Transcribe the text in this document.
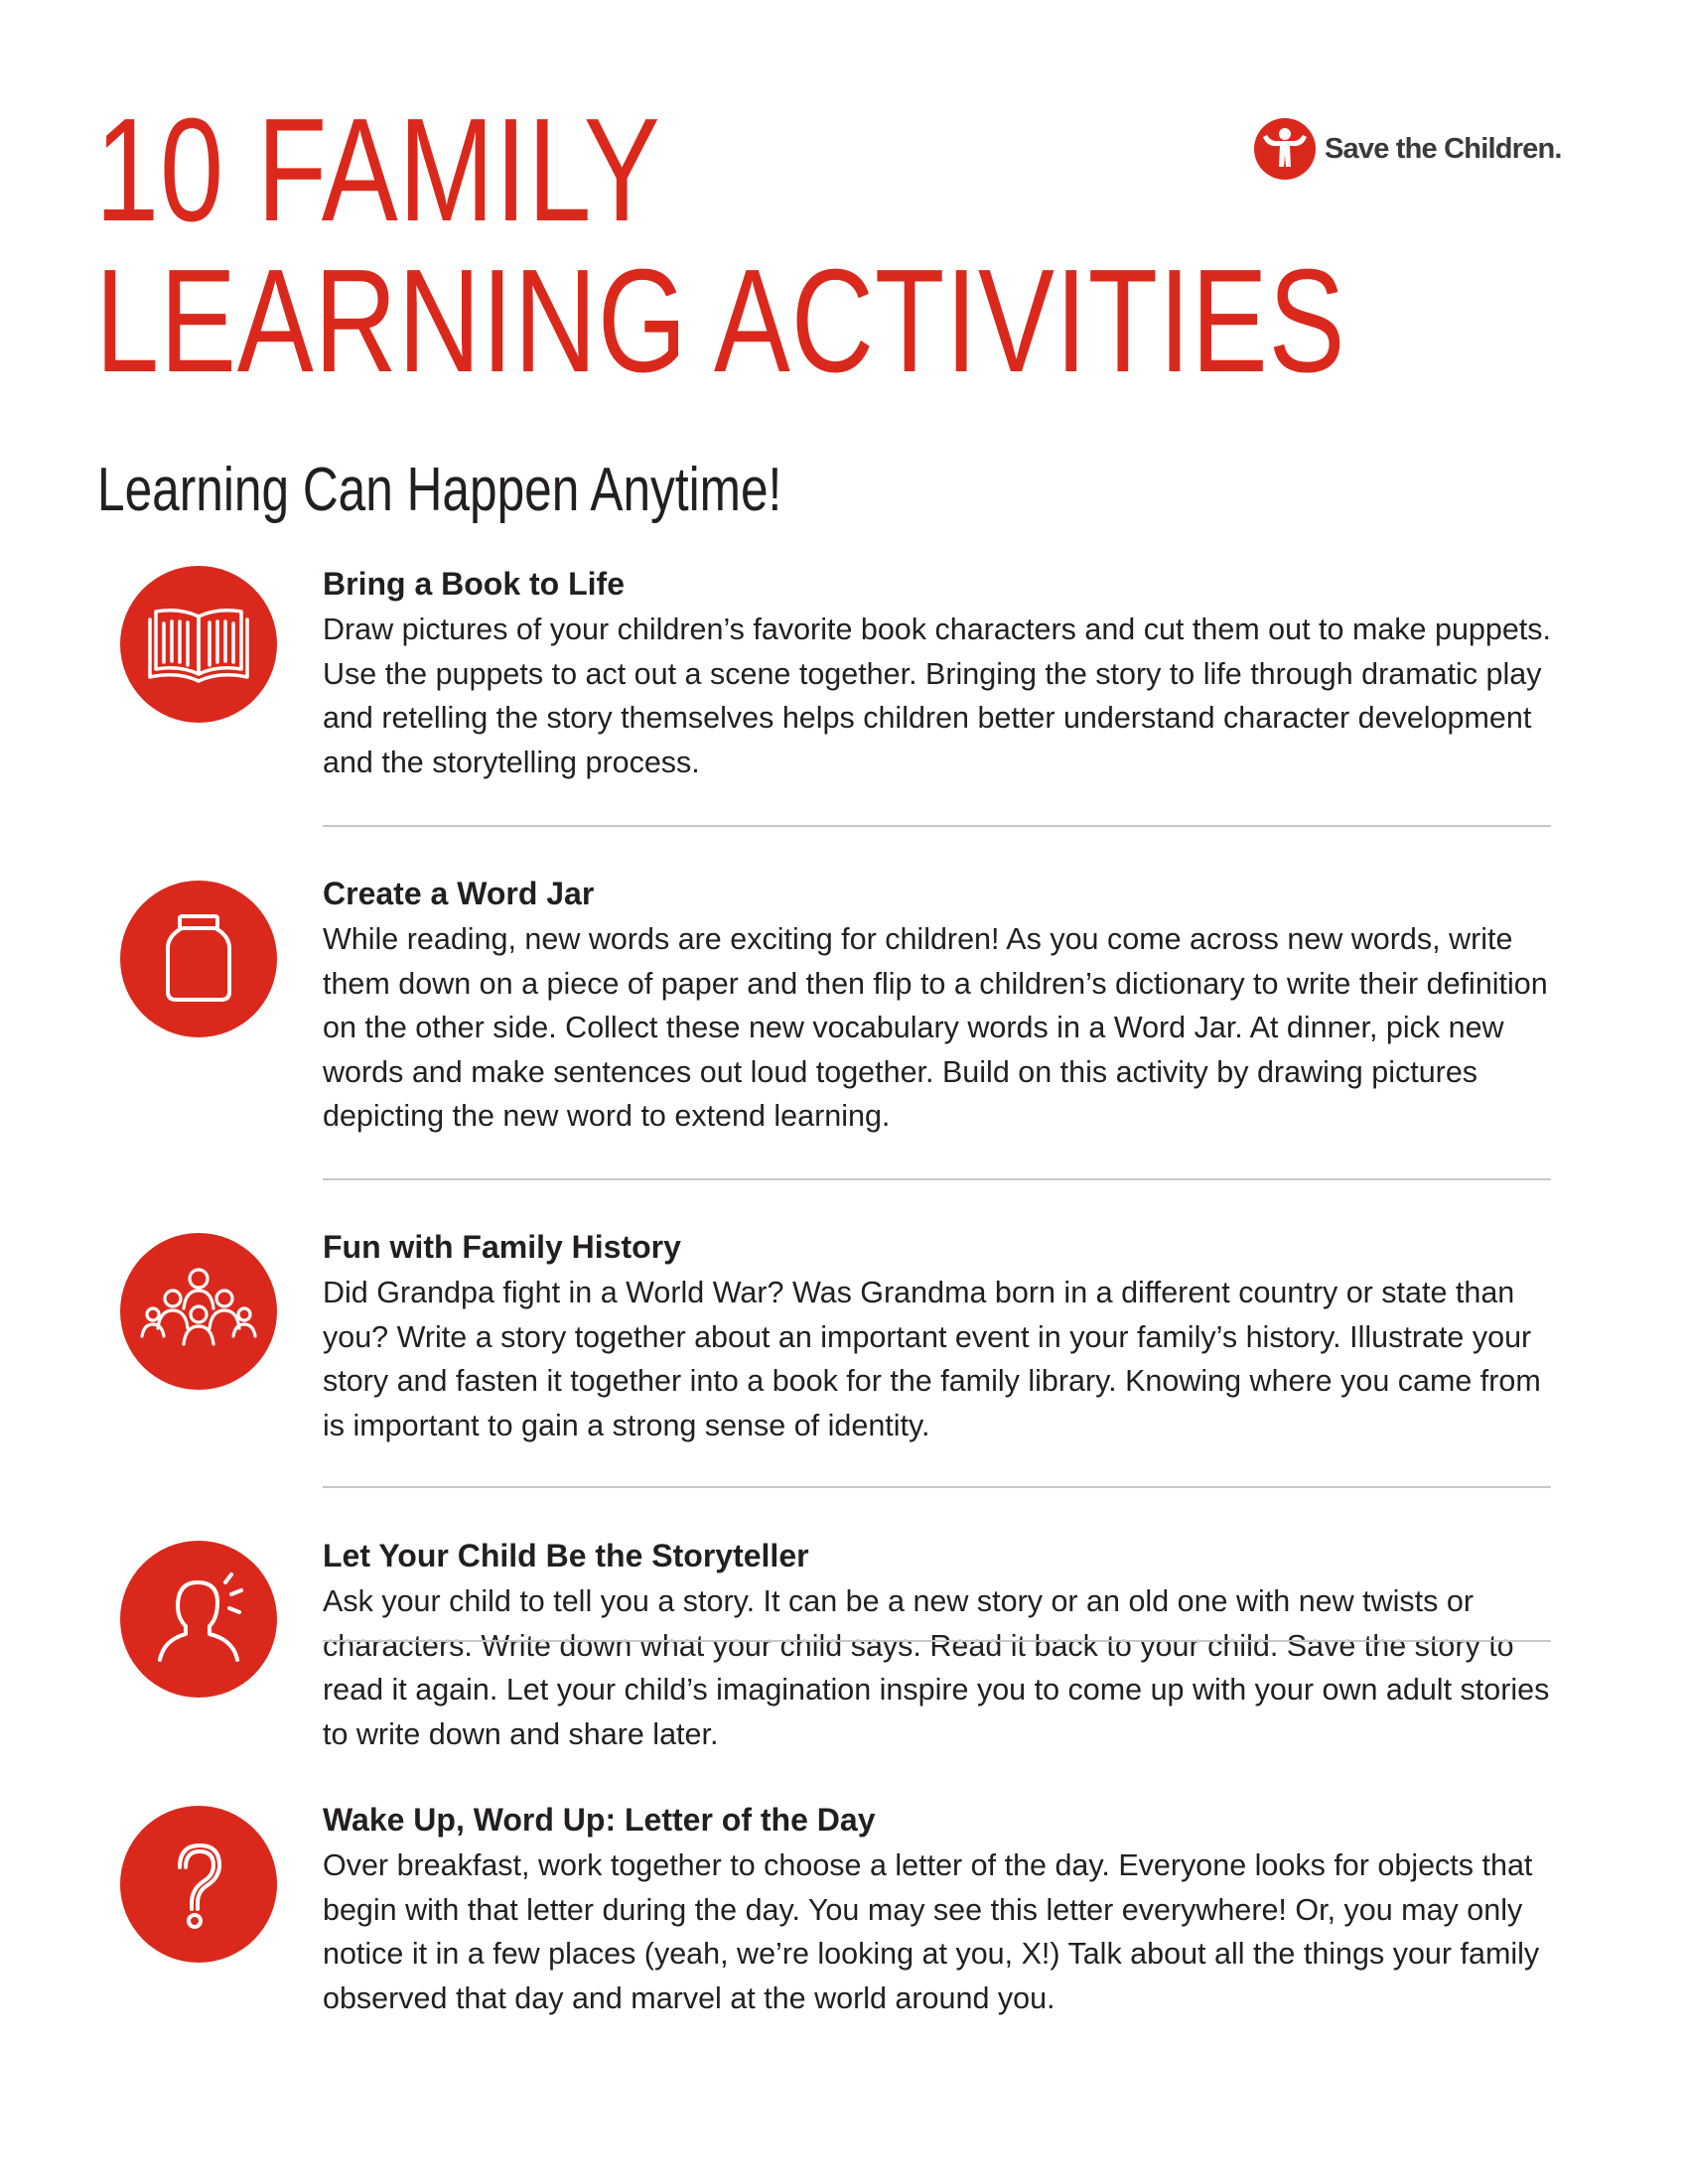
10 FAMILY
LEARNING ACTIVITIES
Save the Children.
Learning Can Happen Anytime!
Bring a Book to Life

Draw pictures of your children’s favorite book characters and cut them out to make puppets. Use the puppets to act out a scene together. Bringing the story to life through dramatic play and retelling the story themselves helps children better understand character development and the storytelling process.

Create a Word Jar

While reading, new words are exciting for children! As you come across new words, write them down on a piece of paper and then flip to a children’s dictionary to write their definition on the other side. Collect these new vocabulary words in a Word Jar. At dinner, pick new words and make sentences out loud together. Build on this activity by drawing pictures depicting the new word to extend learning.

Fun with Family History

Did Grandpa fight in a World War? Was Grandma born in a different country or state than you? Write a story together about an important event in your family’s history. Illustrate your story and fasten it together into a book for the family library. Knowing where you came from is important to gain a strong sense of identity.

Let Your Child Be the Storyteller

Ask your child to tell you a story. It can be a new story or an old one with new twists or characters. Write down what your child says. Read it back to your child. Save the story to read it again. Let your child’s imagination inspire you to come up with your own adult stories to write down and share later.

Wake Up, Word Up: Letter of the Day

Over breakfast, work together to choose a letter of the day. Everyone looks for objects that begin with that letter during the day. You may see this letter everywhere! Or, you may only notice it in a few places (yeah, we’re looking at you, X!) Talk about all the things your family observed that day and marvel at the world around you.
